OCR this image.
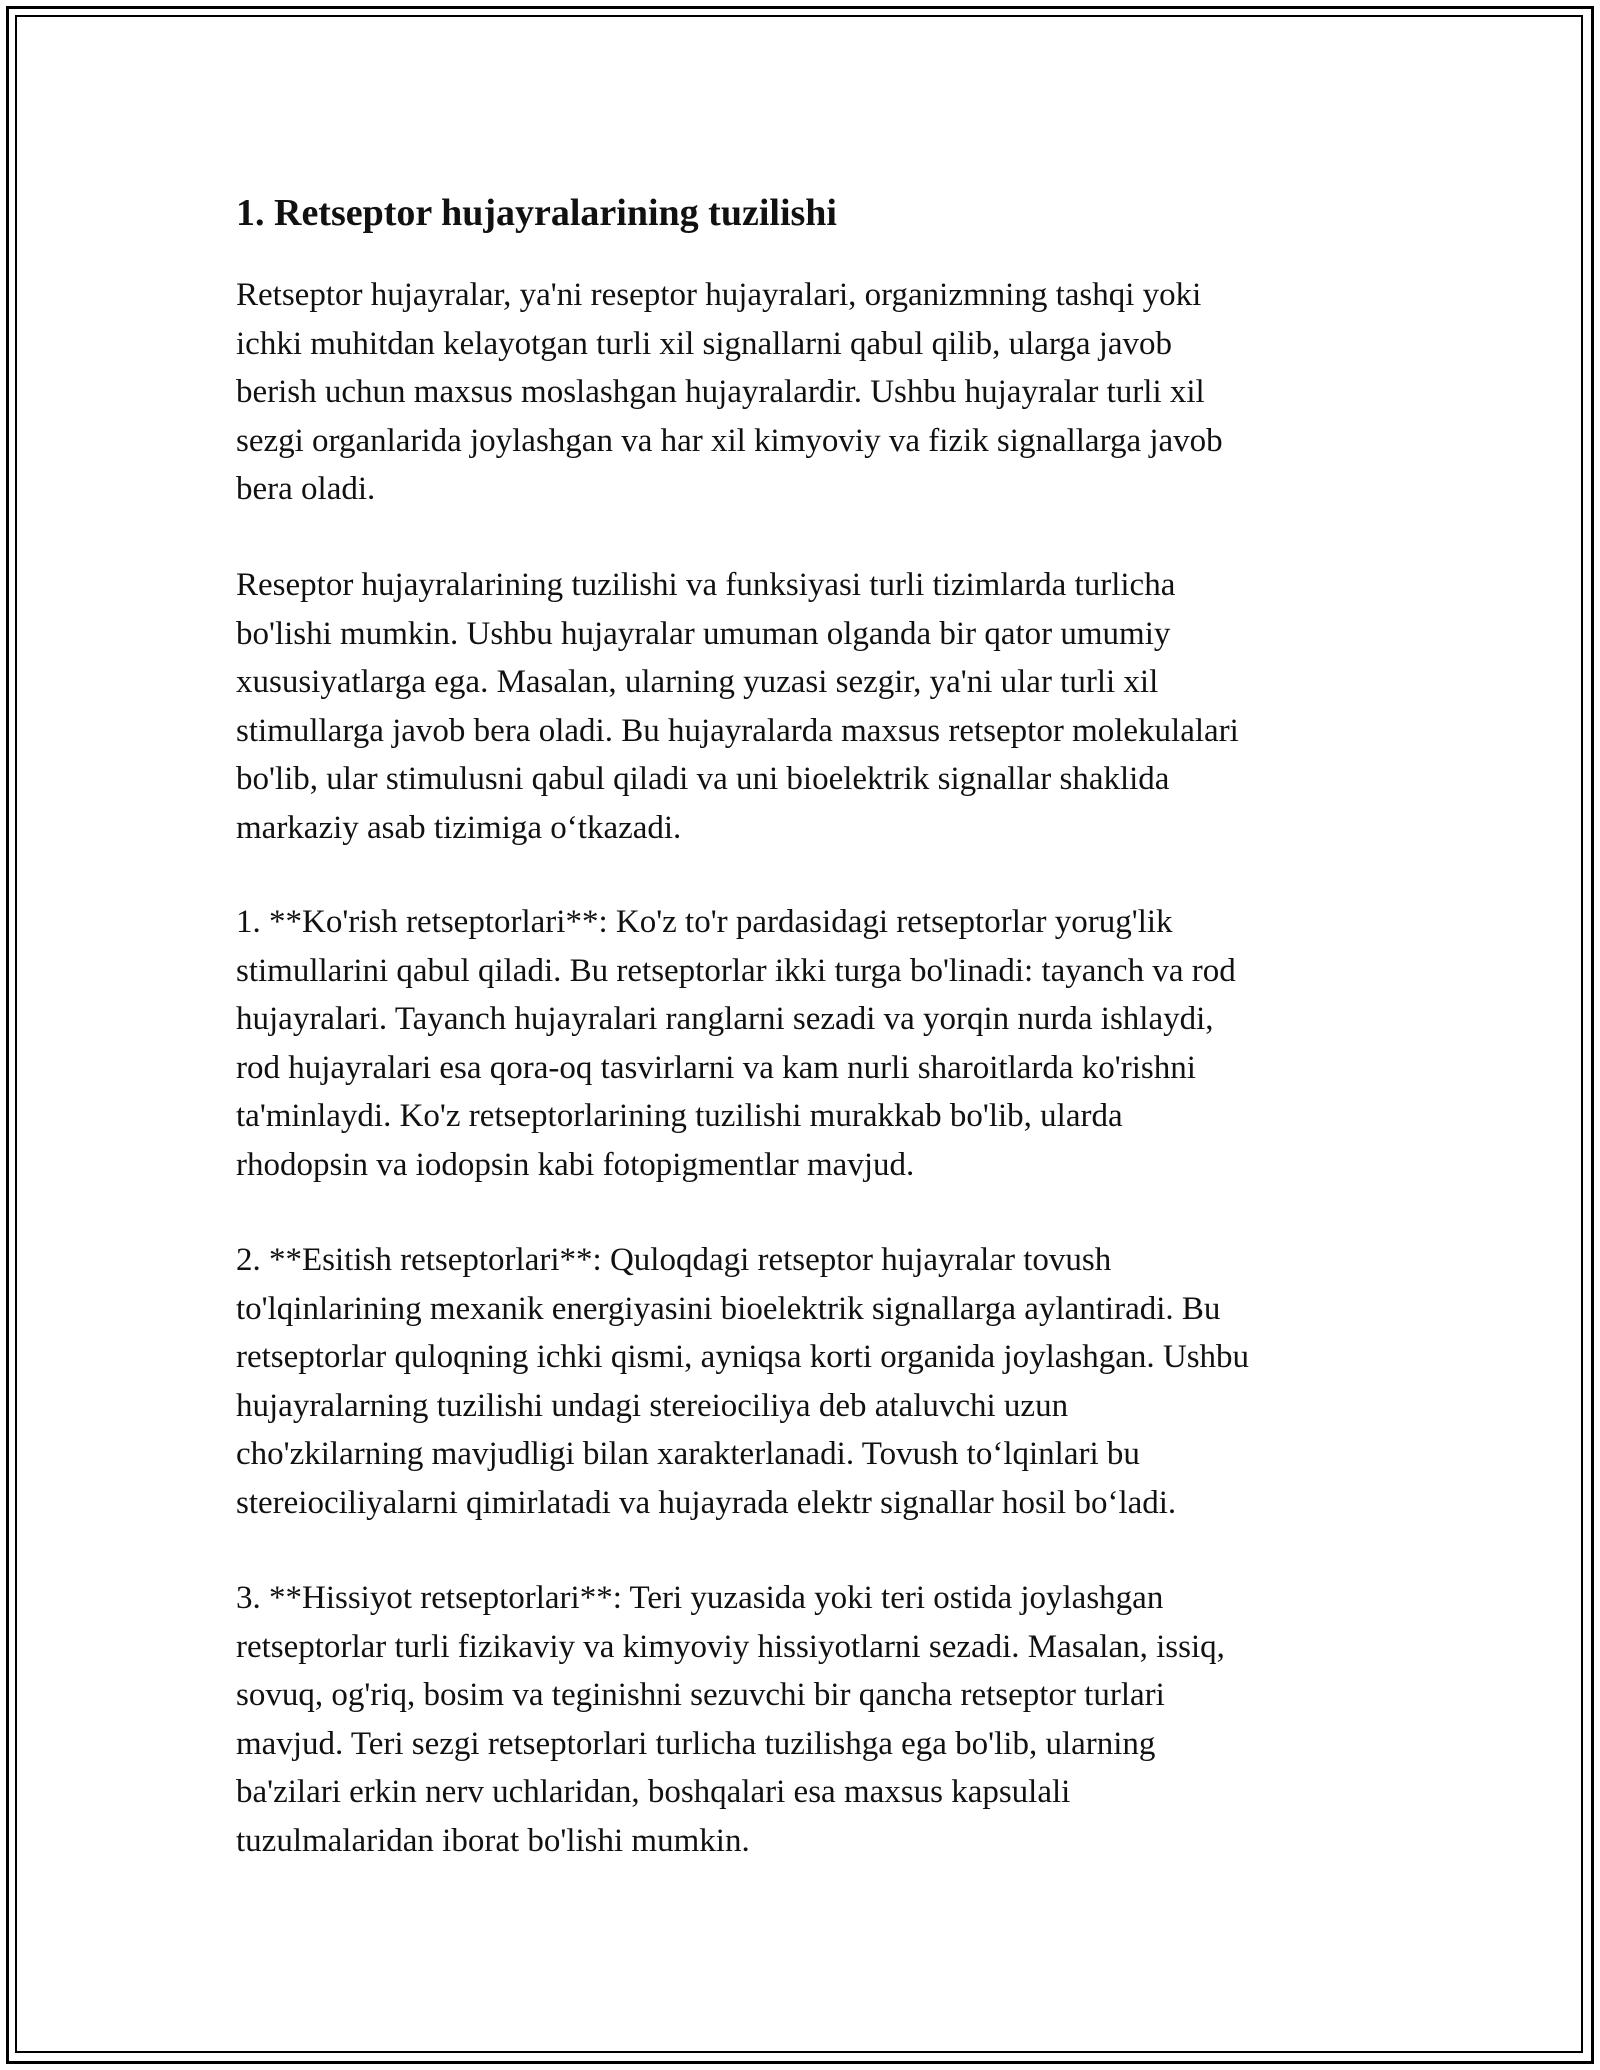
1. Retseptor hujayralarining tuzilishi

Retseptor hujayralar, ya'ni reseptor hujayralari, organizmning tashqi yoki
ichki muhitdan kelayotgan turli xil signallarni qabul qilib, ularga javob
berish uchun maxsus moslashgan hujayralardir. Ushbu hujayralar turli xil
sezgi organlarida joylashgan va har xil kimyoviy va fizik signallarga javob
bera oladi.

Reseptor hujayralarining tuzilishi va funksiyasi turli tizimlarda turlicha
bo'lishi mumkin. Ushbu hujayralar umuman olganda bir qator umumiy
xususiyatlarga ega. Masalan, ularning yuzasi sezgir, ya'ni ular turli xil
stimullarga javob bera oladi. Bu hujayralarda maxsus retseptor molekulalari
bo'lib, ular stimulusni qabul qiladi va uni bioelektrik signallar shaklida
markaziy asab tizimiga o‘tkazadi.

1. **Ko'rish retseptorlari**: Ko'z to'r pardasidagi retseptorlar yorug'lik
stimullarini qabul qiladi. Bu retseptorlar ikki turga bo'linadi: tayanch va rod
hujayralari. Tayanch hujayralari ranglarni sezadi va yorqin nurda ishlaydi,
rod hujayralari esa qora-oq tasvirlarni va kam nurli sharoitlarda ko'rishni
ta'minlaydi. Ko'z retseptorlarining tuzilishi murakkab bo'lib, ularda
rhodopsin va iodopsin kabi fotopigmentlar mavjud.

2. **Esitish retseptorlari**: Quloqdagi retseptor hujayralar tovush
to'lqinlarining mexanik energiyasini bioelektrik signallarga aylantiradi. Bu
retseptorlar quloqning ichki qismi, ayniqsa korti organida joylashgan. Ushbu
hujayralarning tuzilishi undagi stereiociliya deb ataluvchi uzun
cho'zkilarning mavjudligi bilan xarakterlanadi. Tovush to‘lqinlari bu
stereiociliyalarni qimirlatadi va hujayrada elektr signallar hosil bo‘ladi.

3. **Hissiyot retseptorlari**: Teri yuzasida yoki teri ostida joylashgan
retseptorlar turli fizikaviy va kimyoviy hissiyotlarni sezadi. Masalan, issiq,
sovuq, og'riq, bosim va teginishni sezuvchi bir qancha retseptor turlari
mavjud. Teri sezgi retseptorlari turlicha tuzilishga ega bo'lib, ularning
ba'zilari erkin nerv uchlaridan, boshqalari esa maxsus kapsulali
tuzulmalaridan iborat bo'lishi mumkin.
